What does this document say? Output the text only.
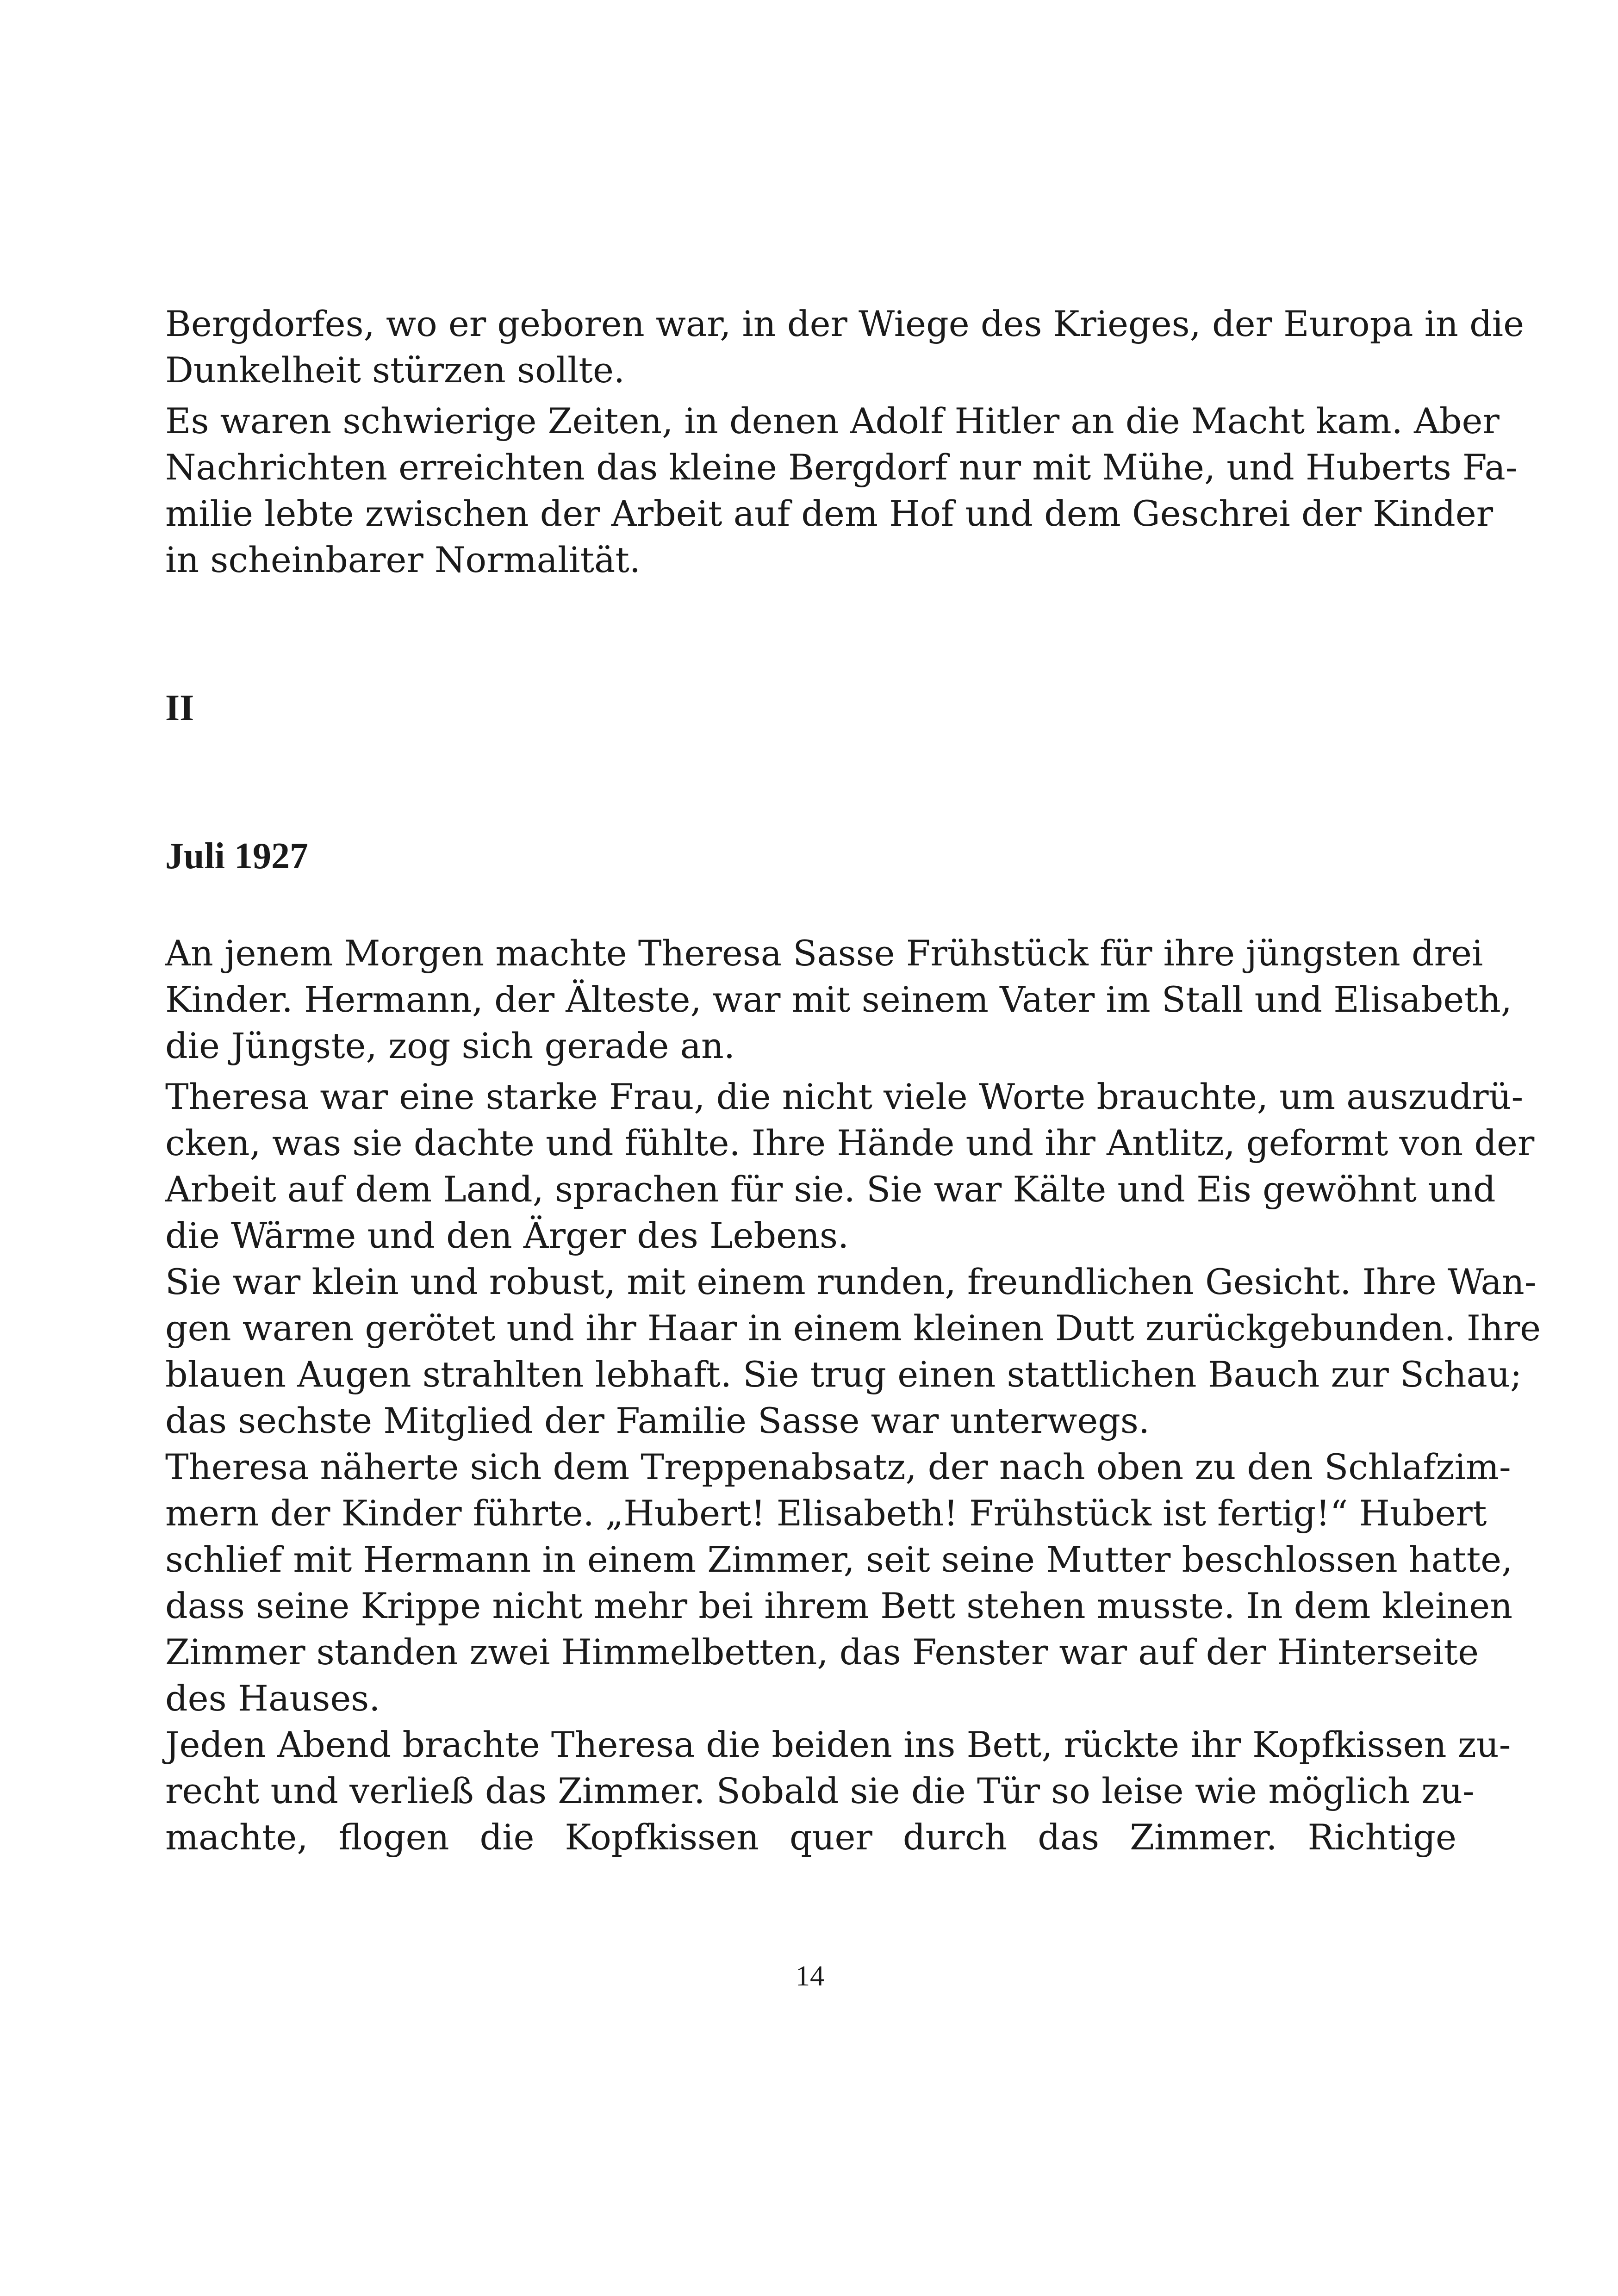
Bergdorfes, wo er geboren war, in der Wiege des Krieges, der Europa in die
Dunkelheit stürzen sollte.
Es waren schwierige Zeiten, in denen Adolf Hitler an die Macht kam. Aber
Nachrichten erreichten das kleine Bergdorf nur mit Mühe, und Huberts Fa-
milie lebte zwischen der Arbeit auf dem Hof und dem Geschrei der Kinder
in scheinbarer Normalität.
II
Juli 1927
An jenem Morgen machte Theresa Sasse Frühstück für ihre jüngsten drei
Kinder. Hermann, der Älteste, war mit seinem Vater im Stall und Elisabeth,
die Jüngste, zog sich gerade an.
Theresa war eine starke Frau, die nicht viele Worte brauchte, um auszudrü-
cken, was sie dachte und fühlte. Ihre Hände und ihr Antlitz, geformt von der
Arbeit auf dem Land, sprachen für sie. Sie war Kälte und Eis gewöhnt und
die Wärme und den Ärger des Lebens.
Sie war klein und robust, mit einem runden, freundlichen Gesicht. Ihre Wan-
gen waren gerötet und ihr Haar in einem kleinen Dutt zurückgebunden. Ihre
blauen Augen strahlten lebhaft. Sie trug einen stattlichen Bauch zur Schau;
das sechste Mitglied der Familie Sasse war unterwegs.
Theresa näherte sich dem Treppenabsatz, der nach oben zu den Schlafzim-
mern der Kinder führte. „Hubert! Elisabeth! Frühstück ist fertig!“ Hubert
schlief mit Hermann in einem Zimmer, seit seine Mutter beschlossen hatte,
dass seine Krippe nicht mehr bei ihrem Bett stehen musste. In dem kleinen
Zimmer standen zwei Himmelbetten, das Fenster war auf der Hinterseite
des Hauses.
Jeden Abend brachte Theresa die beiden ins Bett, rückte ihr Kopfkissen zu-
recht und verließ das Zimmer. Sobald sie die Tür so leise wie möglich zu-
machte, flogen die Kopfkissen quer durch das Zimmer. Richtige
14
